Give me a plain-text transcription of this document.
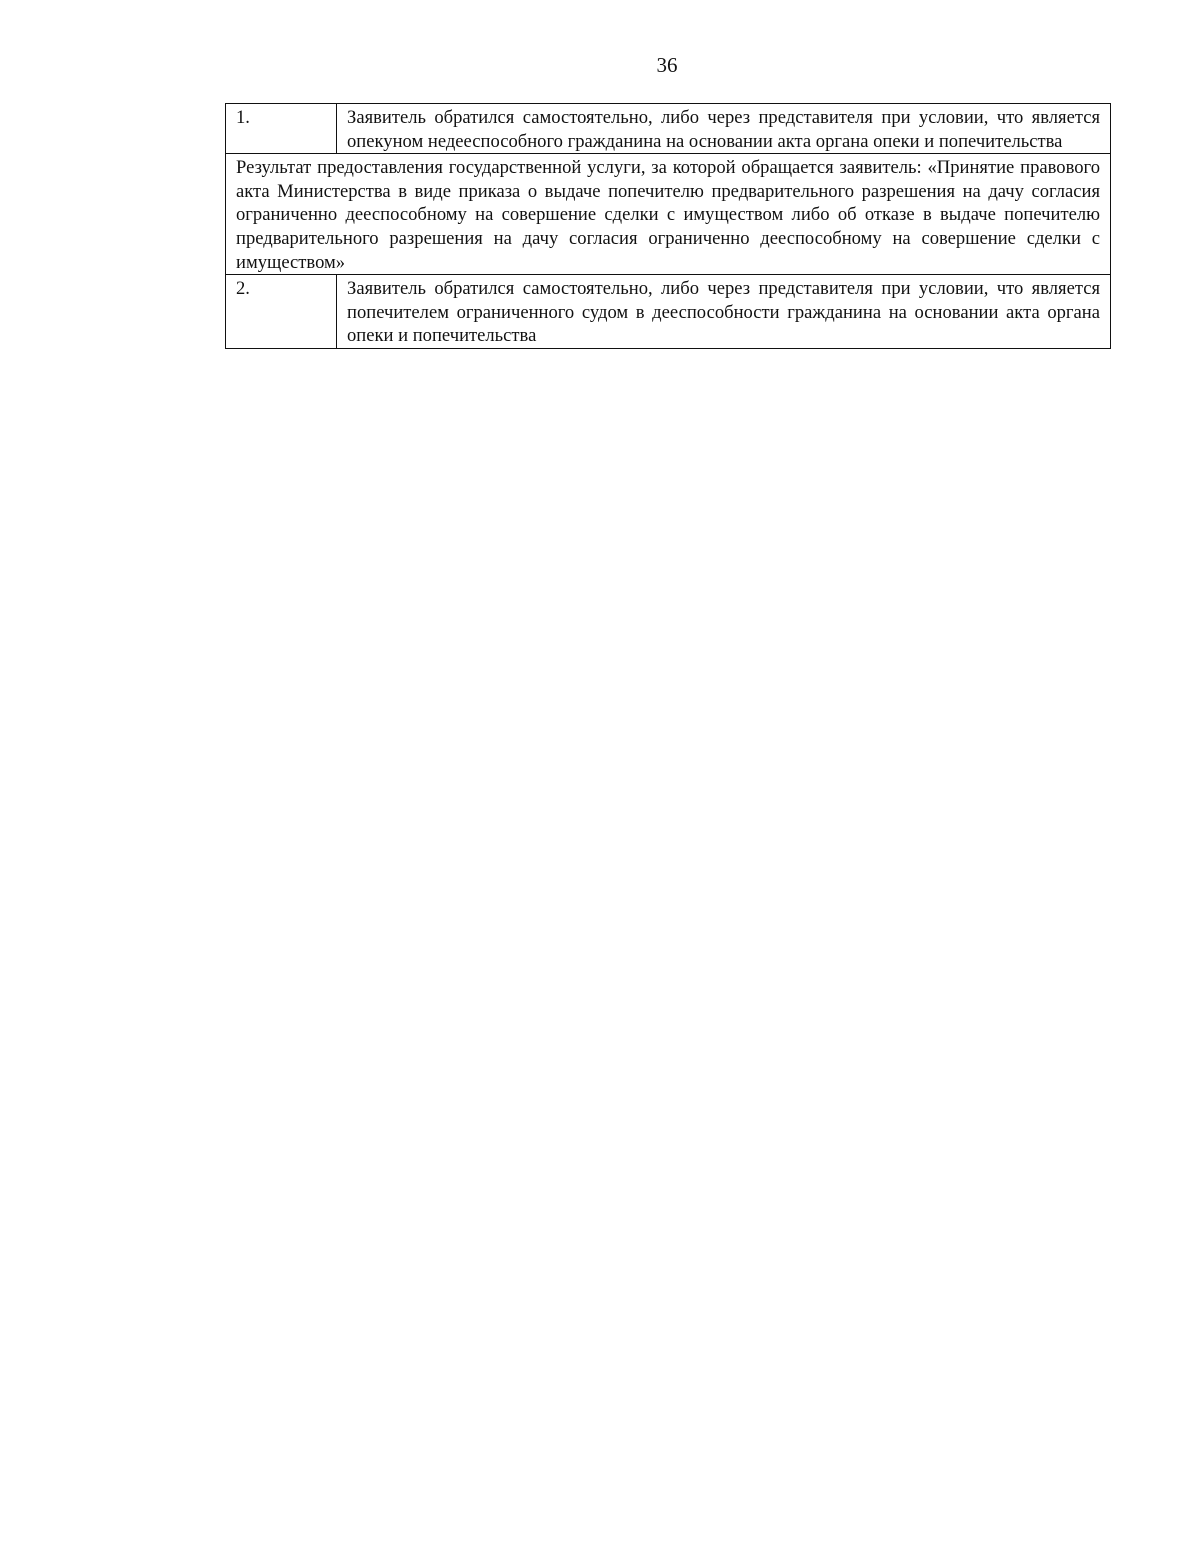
36
1.	Заявитель обратился самостоятельно, либо через представителя при условии, что является опекуном недееспособного гражданина на основании акта органа опеки и попечительства
Результат предоставления государственной услуги, за которой обращается заявитель: «Принятие правового акта Министерства в виде приказа о выдаче попечителю предварительного разрешения на дачу согласия ограниченно дееспособному на совершение сделки с имуществом либо об отказе в выдаче попечителю предварительного разрешения на дачу согласия ограниченно дееспособному на совершение сделки с имуществом»	
2.	Заявитель обратился самостоятельно, либо через представителя при условии, что является попечителем ограниченного судом в дееспособности гражданина на основании акта органа опеки и попечительства
